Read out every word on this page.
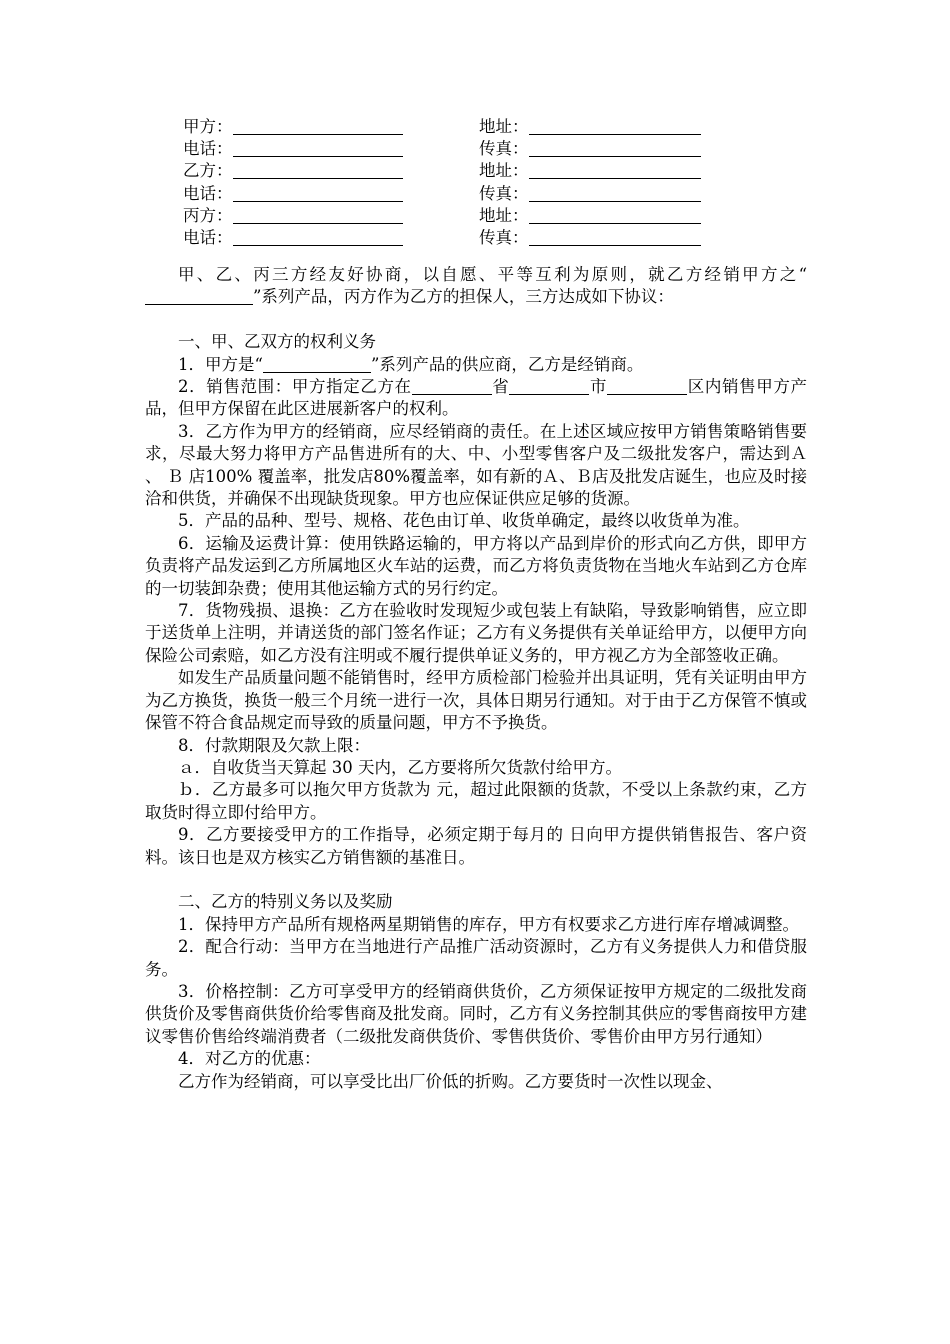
甲方：	地址：
电话：	传真：
乙方：	地址：
电话：	传真：
丙方：	地址：
电话：	传真：

甲、乙、丙三方经友好协商，以自愿、平等互利为原则，就乙方经销甲方之“”系列产品，丙方作为乙方的担保人，三方达成如下协议：

一、甲、乙双方的权利义务

1．甲方是“	”系列产品的供应商，乙方是经销商。

2．销售范围：甲方指定乙方在	省	市	区内销售甲方产品，但甲方保留在此区进展新客户的权利。

3．乙方作为甲方的经销商，应尽经销商的责任。在上述区域应按甲方销售策略销售要求，尽最大努力将甲方产品售进所有的大、中、小型零售客户及二级批发客户，需达到Ａ 、 Ｂ 店100% 覆盖率，批发店80%覆盖率，如有新的Ａ、Ｂ店及批发店诞生，也应及时接洽和供货，并确保不出现缺货现象。甲方也应保证供应足够的货源。

5．产品的品种、型号、规格、花色由订单、收货单确定，最终以收货单为准。

6．运输及运费计算：使用铁路运输的，甲方将以产品到岸价的形式向乙方供，即甲方负责将产品发运到乙方所属地区火车站的运费，而乙方将负责货物在当地火车站到乙方仓库的一切装卸杂费；使用其他运输方式的另行约定。

7．货物残损、退换：乙方在验收时发现短少或包装上有缺陷，导致影响销售，应立即于送货单上注明，并请送货的部门签名作证；乙方有义务提供有关单证给甲方，以便甲方向保险公司索赔，如乙方没有注明或不履行提供单证义务的，甲方视乙方为全部签收正确。

如发生产品质量问题不能销售时，经甲方质检部门检验并出具证明，凭有关证明由甲方为乙方换货，换货一般三个月统一进行一次，具体日期另行通知。对于由于乙方保管不慎或保管不符合食品规定而导致的质量问题，甲方不予换货。

8．付款期限及欠款上限：

ａ．自收货当天算起 30 天内，乙方要将所欠货款付给甲方。

ｂ．乙方最多可以拖欠甲方货款为 元，超过此限额的货款，不受以上条款约束，乙方取货时得立即付给甲方。

9．乙方要接受甲方的工作指导，必须定期于每月的 日向甲方提供销售报告、客户资料。该日也是双方核实乙方销售额的基准日。

二、乙方的特别义务以及奖励

1．保持甲方产品所有规格两星期销售的库存，甲方有权要求乙方进行库存增减调整。

2．配合行动：当甲方在当地进行产品推广活动资源时，乙方有义务提供人力和借贷服务。

3．价格控制：乙方可享受甲方的经销商供货价，乙方须保证按甲方规定的二级批发商供货价及零售商供货价给零售商及批发商。同时，乙方有义务控制其供应的零售商按甲方建议零售价售给终端消费者（二级批发商供货价、零售供货价、零售价由甲方另行通知）

4．对乙方的优惠：

乙方作为经销商，可以享受比出厂价低的折购。乙方要货时一次性以现金、
